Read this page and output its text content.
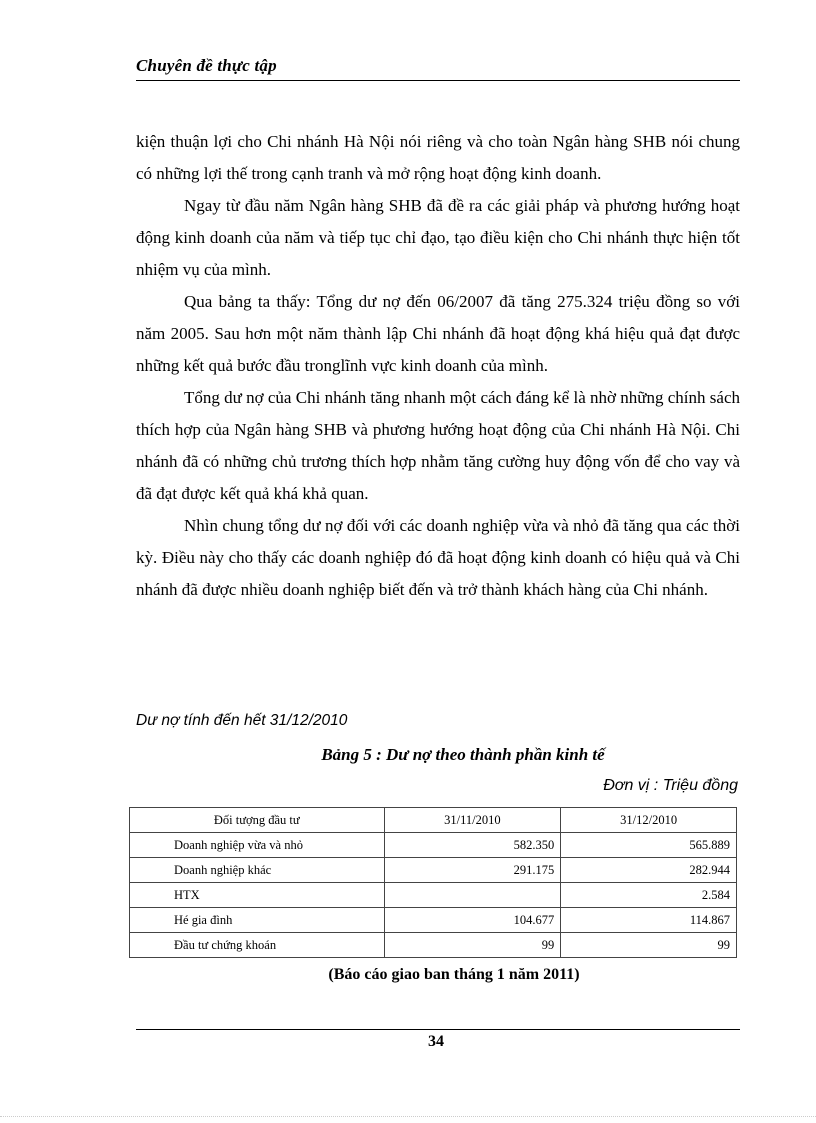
Chuyên đề thực tập

kiện thuận lợi cho Chi nhánh Hà Nội nói riêng và cho toàn Ngân hàng SHB nói chung có những lợi thế trong cạnh tranh và mở rộng hoạt động kinh doanh.

Ngay từ đầu năm Ngân hàng SHB đã đề ra các giải pháp và phương hướng hoạt động kinh doanh của năm và tiếp tục chỉ đạo, tạo điều kiện cho Chi nhánh thực hiện tốt nhiệm vụ của mình.

Qua bảng ta thấy: Tổng dư nợ đến 06/2007 đã tăng 275.324 triệu đồng so với năm 2005. Sau hơn một năm thành lập Chi nhánh đã hoạt động khá hiệu quả đạt được những kết quả bước đầu tronglĩnh vực kinh doanh của mình.

Tổng dư nợ của Chi nhánh tăng nhanh một cách đáng kể là nhờ những chính sách thích hợp của Ngân hàng SHB và phương hướng hoạt động của Chi nhánh Hà Nội. Chi nhánh đã có những chủ trương thích hợp nhằm tăng cường huy động vốn để cho vay và đã đạt được kết quả khá khả quan.

Nhìn chung tổng dư nợ đối với các doanh nghiệp vừa và nhỏ đã tăng qua các thời kỳ. Điều này cho thấy các doanh nghiệp đó đã hoạt động kinh doanh có hiệu quả và Chi nhánh đã được nhiều doanh nghiệp biết đến và trở thành khách hàng của Chi nhánh.

Dư nợ tính đến hết 31/12/2010
Bảng 5 : Dư nợ theo thành phần kinh tế
Đơn vị : Triệu đồng
Đối tượng đầu tư	31/11/2010	31/12/2010
Doanh nghiệp vừa và nhỏ	582.350	565.889
Doanh nghiệp khác	291.175	282.944
HTX		2.584
Hé gia đình	104.677	114.867
Đầu tư chứng khoán	99	99
(Báo cáo giao ban tháng 1 năm 2011)
34
